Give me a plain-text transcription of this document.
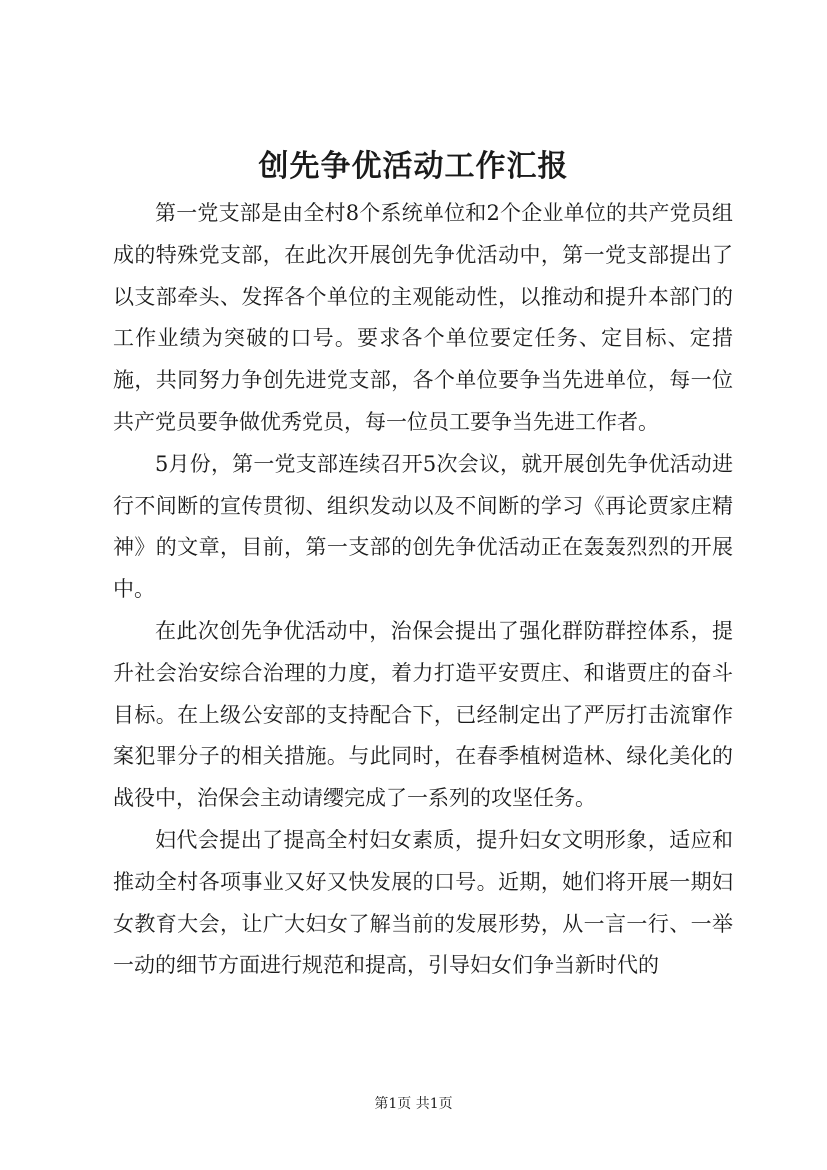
创先争优活动工作汇报

第一党支部是由全村8个系统单位和2个企业单位的共产党员组成的特殊党支部，在此次开展创先争优活动中，第一党支部提出了以支部牵头、发挥各个单位的主观能动性，以推动和提升本部门的工作业绩为突破的口号。要求各个单位要定任务、定目标、定措施，共同努力争创先进党支部，各个单位要争当先进单位，每一位共产党员要争做优秀党员，每一位员工要争当先进工作者。

5月份，第一党支部连续召开5次会议，就开展创先争优活动进行不间断的宣传贯彻、组织发动以及不间断的学习《再论贾家庄精神》的文章，目前，第一支部的创先争优活动正在轰轰烈烈的开展中。

在此次创先争优活动中，治保会提出了强化群防群控体系，提升社会治安综合治理的力度，着力打造平安贾庄、和谐贾庄的奋斗目标。在上级公安部的支持配合下，已经制定出了严厉打击流窜作案犯罪分子的相关措施。与此同时，在春季植树造林、绿化美化的战役中，治保会主动请缨完成了一系列的攻坚任务。

妇代会提出了提高全村妇女素质，提升妇女文明形象，适应和推动全村各项事业又好又快发展的口号。近期，她们将开展一期妇女教育大会，让广大妇女了解当前的发展形势，从一言一行、一举一动的细节方面进行规范和提高，引导妇女们争当新时代的

第1页 共1页
